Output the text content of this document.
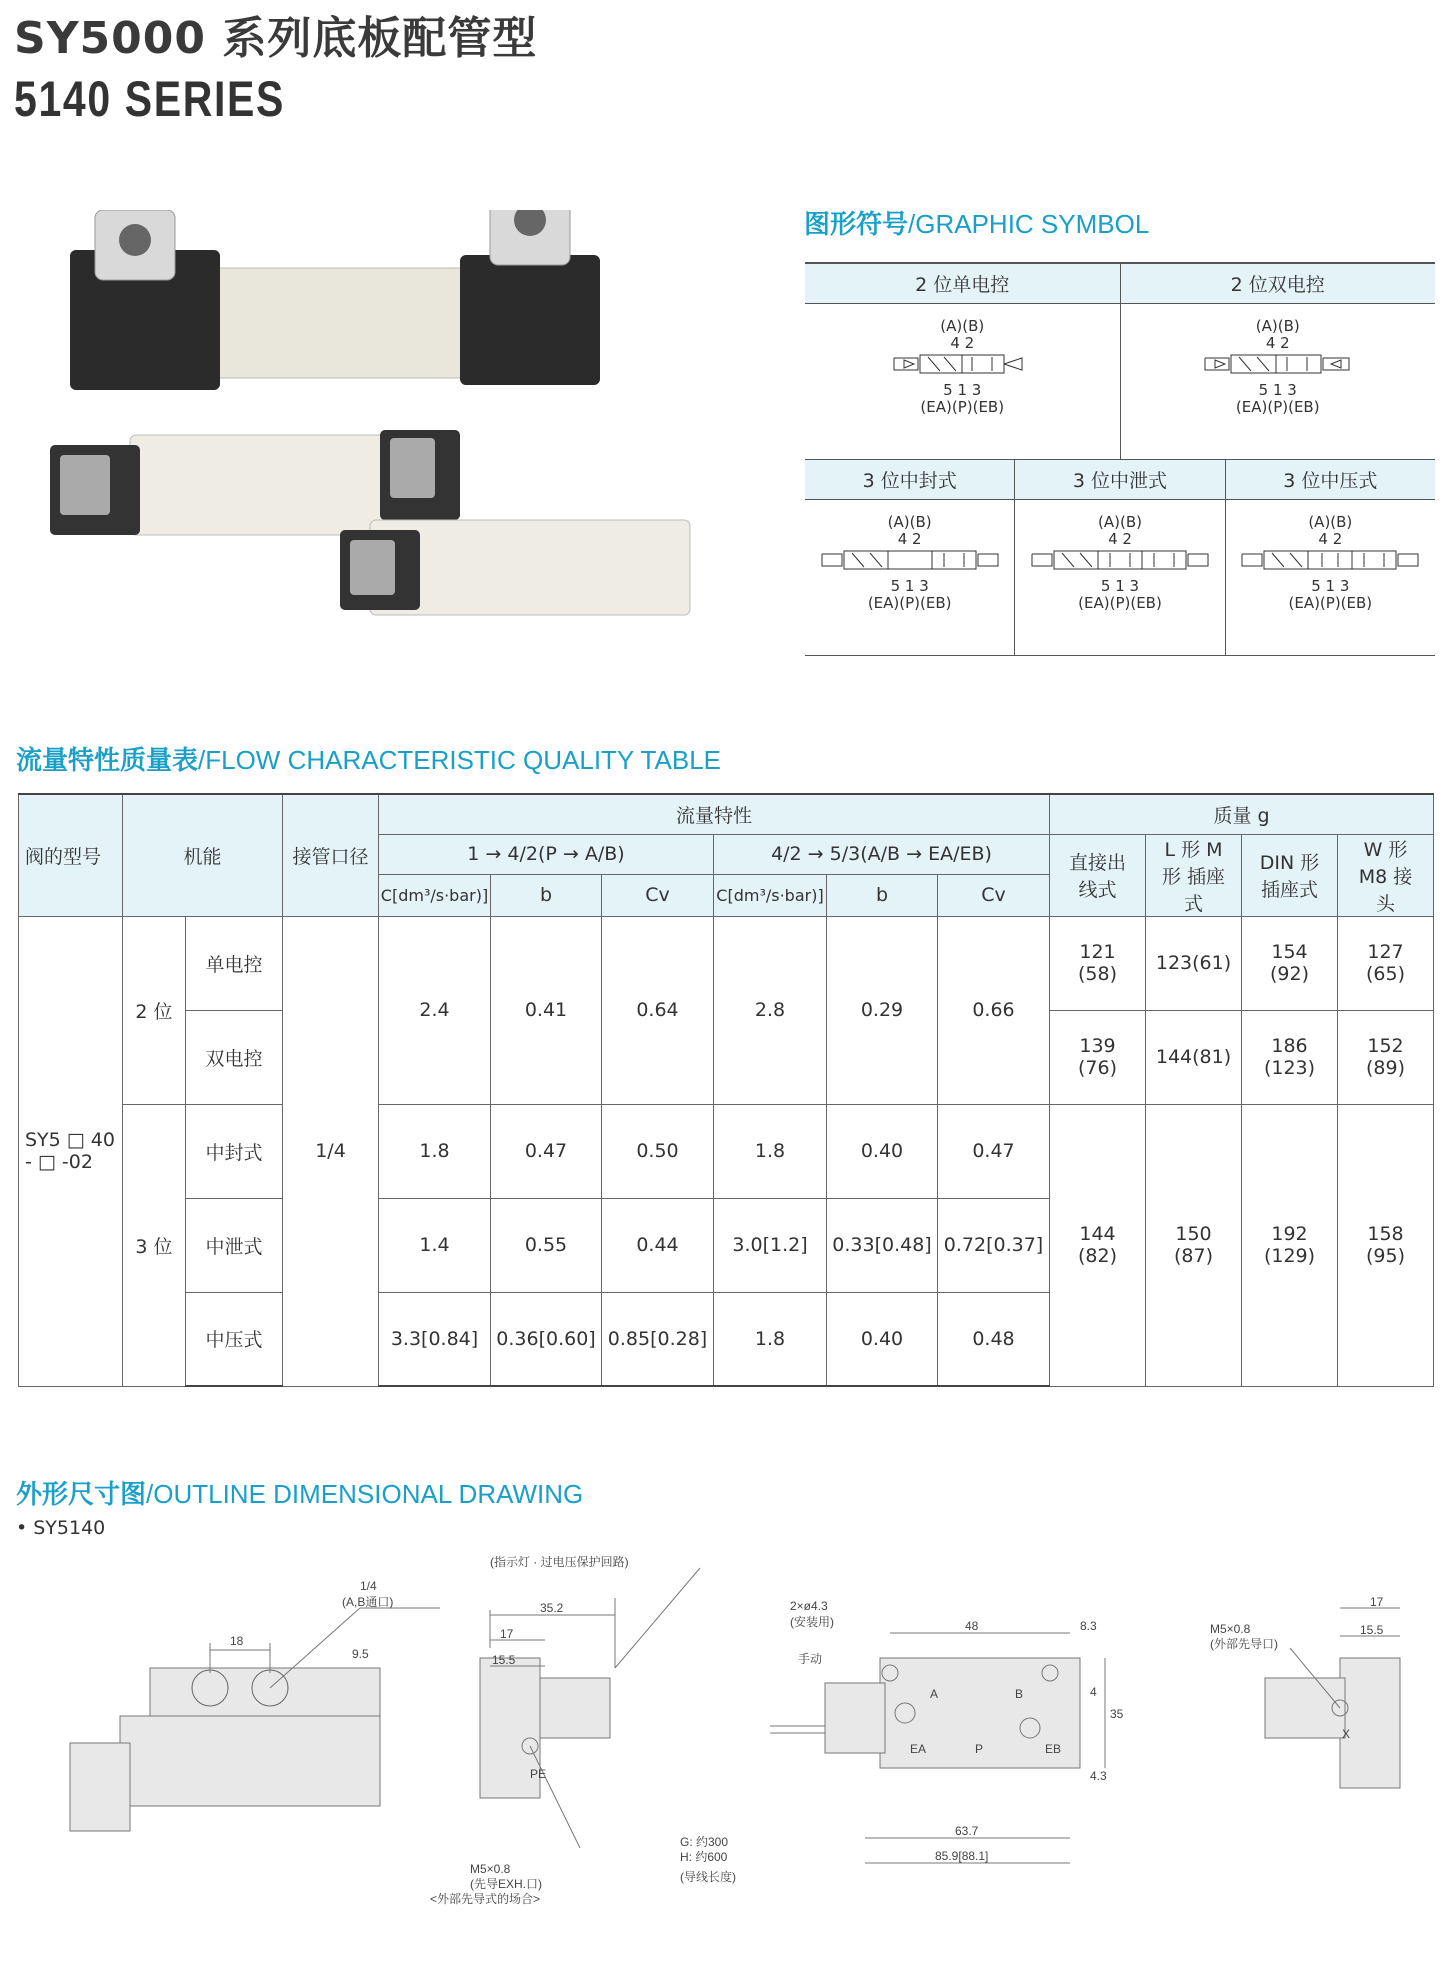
SY5000 系列底板配管型
5140 SERIES
图形符号/GRAPHIC SYMBOL
2 位单电控	2 位双电控
(A)(B)
4 2
5 1 3
(EA)(P)(EB)
(A)(B)
4 2
5 1 3
(EA)(P)(EB)
3 位中封式	3 位中泄式	3 位中压式
(A)(B)
4 2
5 1 3
(EA)(P)(EB)
(A)(B)
4 2
5 1 3
(EA)(P)(EB)
(A)(B)
4 2
5 1 3
(EA)(P)(EB)
流量特性质量表/FLOW CHARACTERISTIC QUALITY TABLE
阀的型号	机能		接管口径	流量特性						质量 g			
				1 → 4/2(P → A/B)			4/2 → 5/3(A/B → EA/EB)			直接出线式	L 形 M 形 插座式	DIN 形插座式	W 形 M8 接头
				C[dm³/s·bar)]	b	Cv	C[dm³/s·bar)]	b	Cv				
SY5 □ 40 - □ -02	2 位	单电控	1/4	2.4	0.41	0.64	2.8	0.29	0.66	121 (58)	123(61)	154 (92)	127 (65)
		双电控								139 (76)	144(81)	186 (123)	152 (89)
	3 位	中封式		1.8	0.47	0.50	1.8	0.40	0.47	144 (82)	150 (87)	192 (129)	158 (95)
		中泄式		1.4	0.55	0.44	3.0[1.2]	0.33[0.48]	0.72[0.37]				
		中压式		3.3[0.84]	0.36[0.60]	0.85[0.28]	1.8	0.40	0.48				
外形尺寸图/OUTLINE DIMENSIONAL DRAWING
• SY5140
18
1/4
(A,B通口)
9.5
(指示灯 · 过电压保护回路)
35.2
17
15.5
PE
M5×0.8
(先导EXH.口)
<外部先导式的场合>
2×ø4.3
(安装用)
手动
48	8.3
4
35
4.3
B
A
EA	P	EB
63.7
85.9[88.1]
G: 约300
H: 约600
(导线长度)
M5×0.8
(外部先导口)
17
15.5
X
